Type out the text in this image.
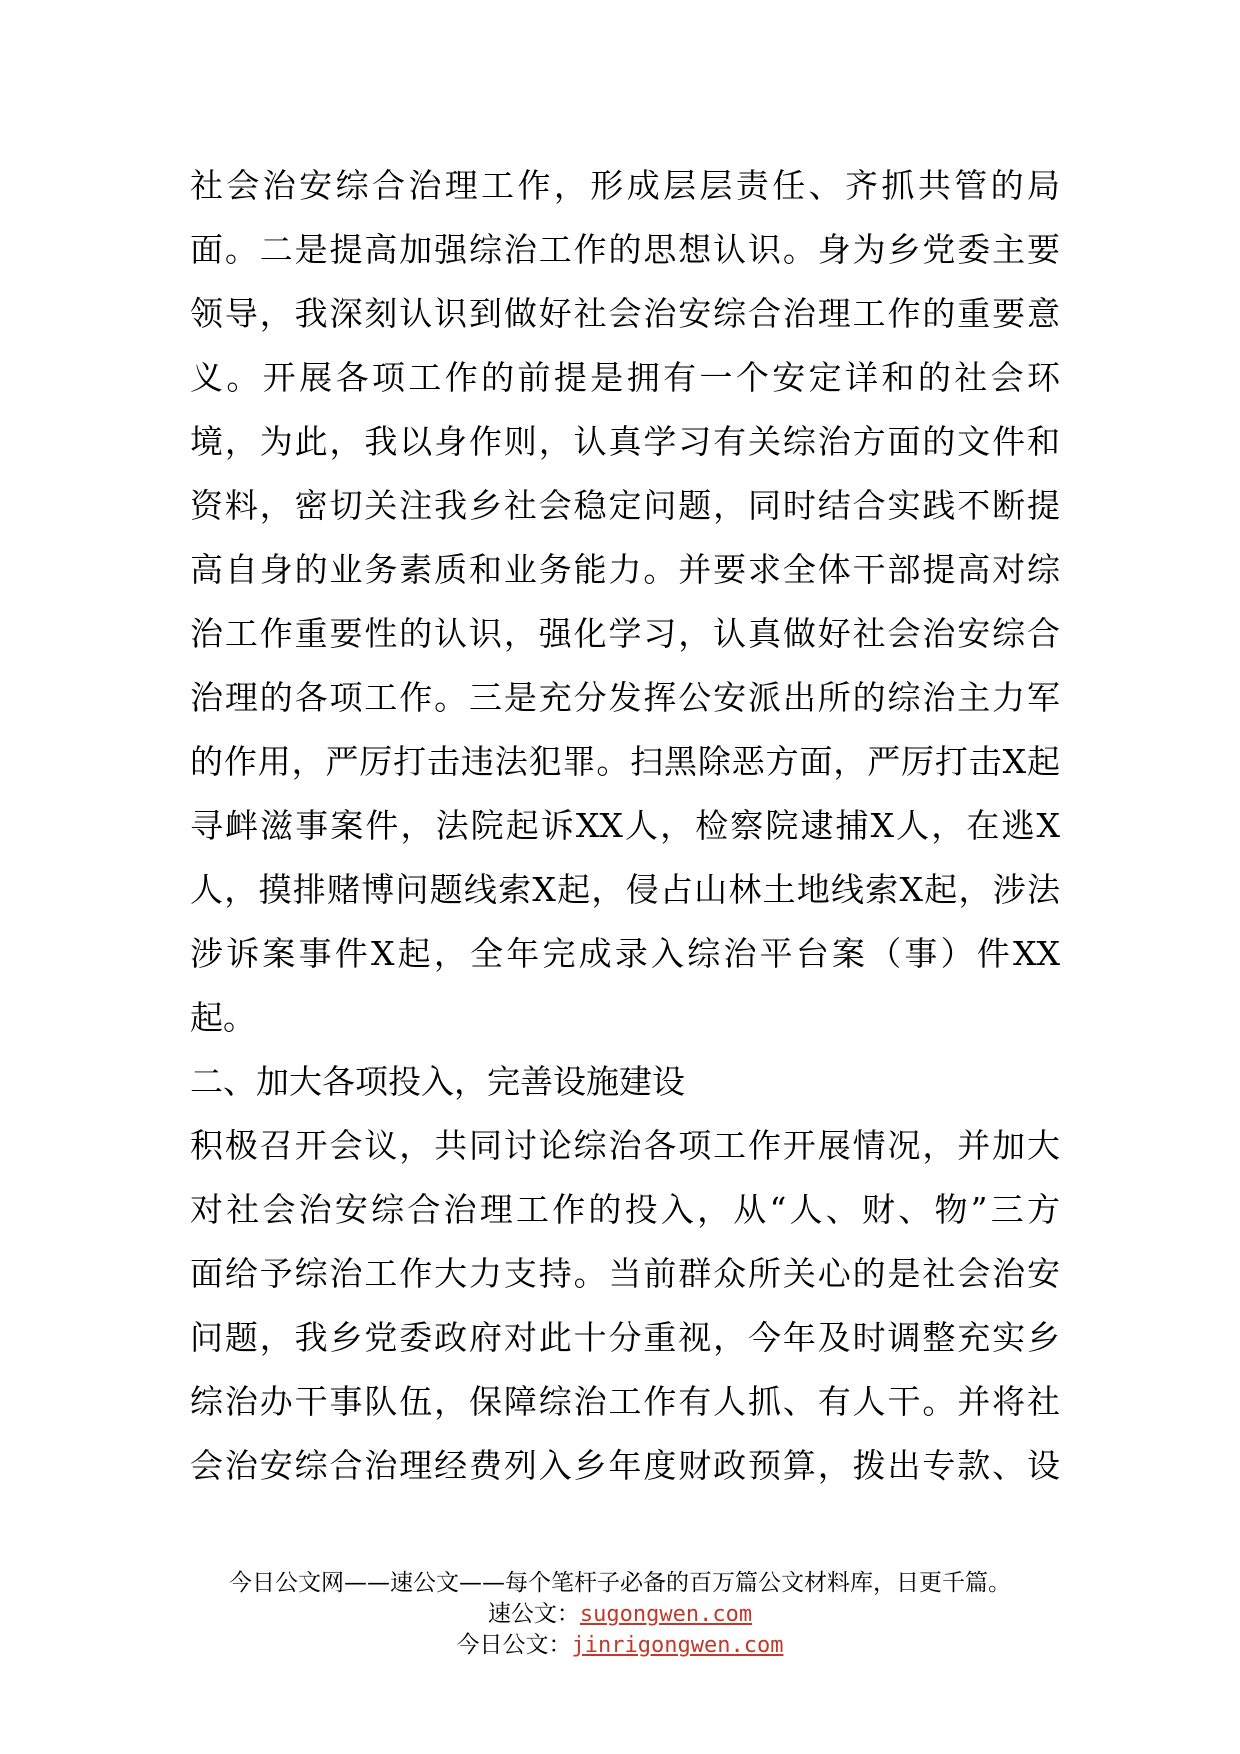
社会治安综合治理工作，形成层层责任、齐抓共管的局
面。二是提高加强综治工作的思想认识。身为乡党委主要
领导，我深刻认识到做好社会治安综合治理工作的重要意
义。开展各项工作的前提是拥有一个安定详和的社会环
境，为此，我以身作则，认真学习有关综治方面的文件和
资料，密切关注我乡社会稳定问题，同时结合实践不断提
高自身的业务素质和业务能力。并要求全体干部提高对综
治工作重要性的认识，强化学习，认真做好社会治安综合
治理的各项工作。三是充分发挥公安派出所的综治主力军
的作用，严厉打击违法犯罪。扫黑除恶方面，严厉打击X起
寻衅滋事案件，法院起诉XX人，检察院逮捕X人，在逃X
人，摸排赌博问题线索X起，侵占山林土地线索X起，涉法
涉诉案事件X起，全年完成录入综治平台案（事）件XX
起。
二、加大各项投入，完善设施建设
积极召开会议，共同讨论综治各项工作开展情况，并加大
对社会治安综合治理工作的投入，从“人、财、物”三方
面给予综治工作大力支持。当前群众所关心的是社会治安
问题，我乡党委政府对此十分重视，今年及时调整充实乡
综治办干事队伍，保障综治工作有人抓、有人干。并将社
会治安综合治理经费列入乡年度财政预算，拨出专款、设
今日公文网——速公文——每个笔杆子必备的百万篇公文材料库，日更千篇。
速公文：sugongwen.com
今日公文：jinrigongwen.com
